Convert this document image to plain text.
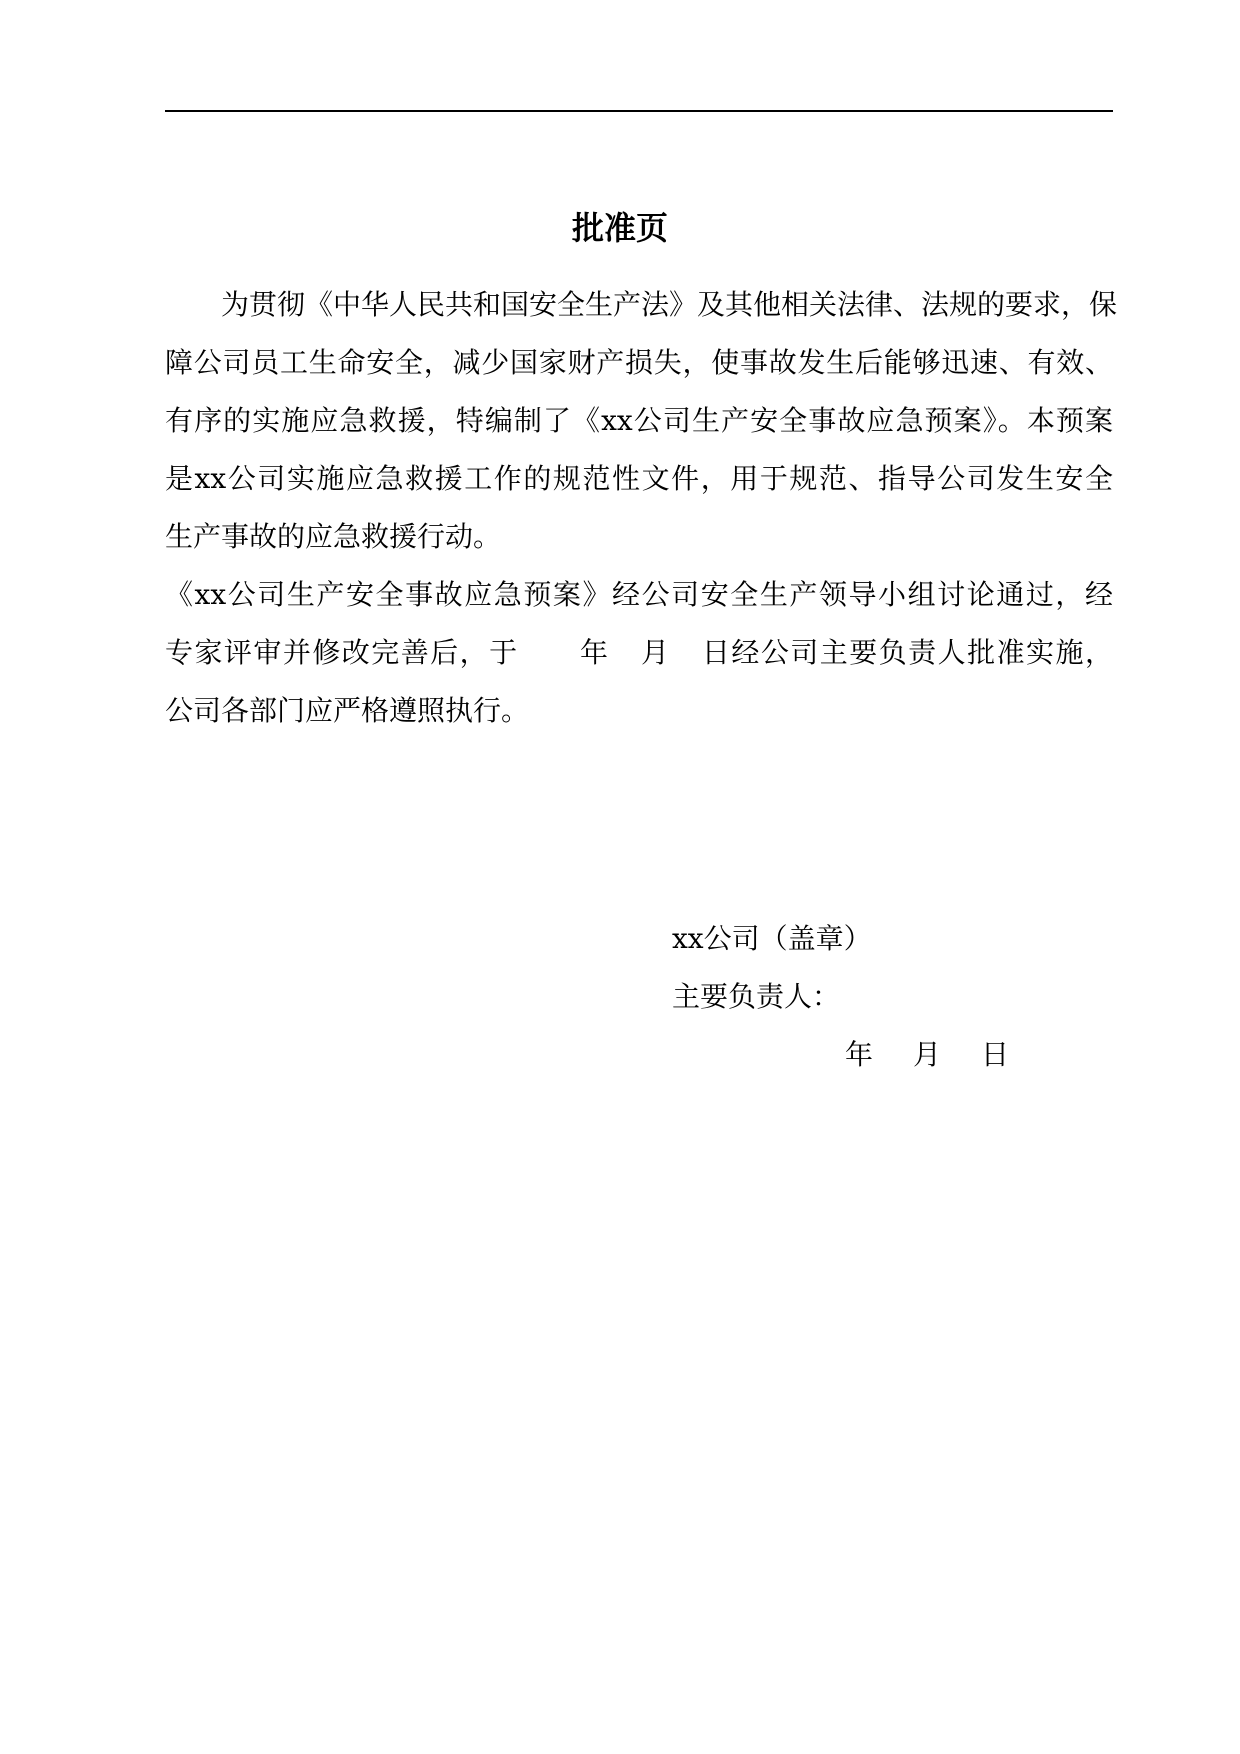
批准页
　　为贯彻《中华人民共和国安全生产法》及其他相关法律、法规的要求，保
障公司员工生命安全，减少国家财产损失，使事故发生后能够迅速、有效、
有序的实施应急救援，特编制了《xx公司生产安全事故应急预案》。本预案
是xx公司实施应急救援工作的规范性文件，用于规范、指导公司发生安全
生产事故的应急救援行动。
《xx公司生产安全事故应急预案》经公司安全生产领导小组讨论通过，经
专家评审并修改完善后，于 年 月 日经公司主要负责人批准实施，
公司各部门应严格遵照执行。
xx公司（盖章）
主要负责人：
年 月 日
